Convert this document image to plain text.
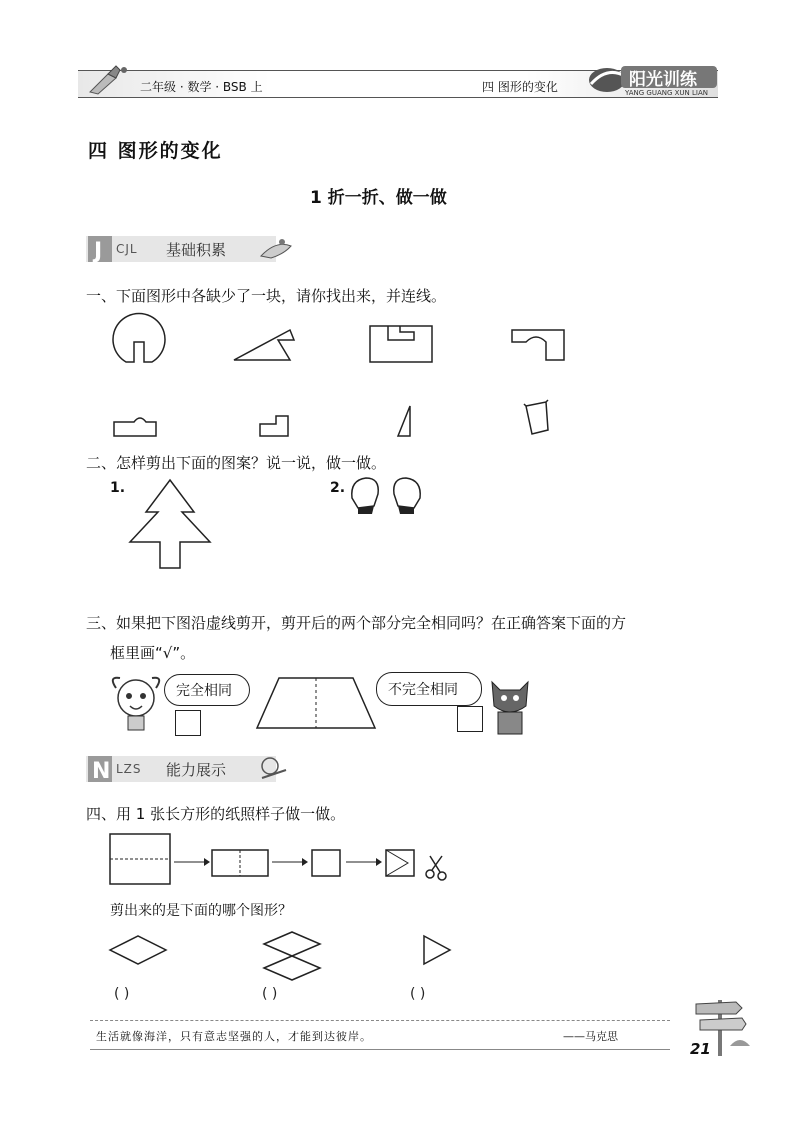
二年级 · 数学 · BSB 上	四 图形的变化	阳光训练
YANG GUANG XUN LIAN
四 图形的变化
1 折一折、做一做
J CJL 基础积累
一、下面图形中各缺少了一块，请你找出来，并连线。
二、怎样剪出下面的图案？说一说，做一做。
1.	2.
三、如果把下图沿虚线剪开，剪开后的两个部分完全相同吗？在正确答案下面的方
框里画“√”。
完全相同	不完全相同
N LZS 能力展示
四、用 1 张长方形的纸照样子做一做。
剪出来的是下面的哪个图形？
( )	( )	( )
生活就像海洋，只有意志坚强的人，才能到达彼岸。	——马克思
21
